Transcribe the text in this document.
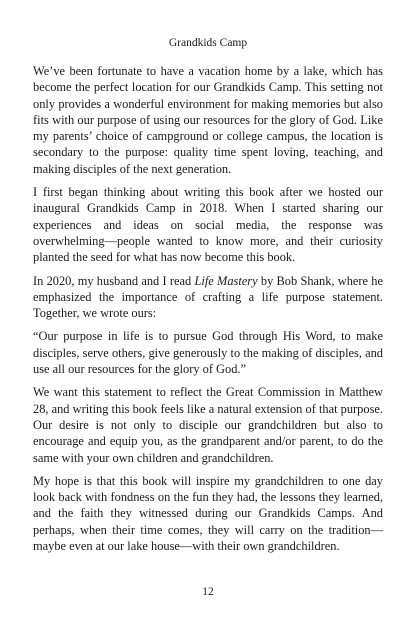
Grandkids Camp

We’ve been fortunate to have a vacation home by a lake, which has become the perfect location for our Grandkids Camp. This setting not only provides a wonderful environment for making memories but also fits with our purpose of using our resources for the glory of God. Like my parents’ choice of campground or college campus, the location is secondary to the purpose: quality time spent loving, teaching, and making disciples of the next generation.

I first began thinking about writing this book after we hosted our inaugural Grandkids Camp in 2018. When I started sharing our experiences and ideas on social media, the response was overwhelming—people wanted to know more, and their curiosity planted the seed for what has now become this book.

In 2020, my husband and I read Life Mastery by Bob Shank, where he emphasized the importance of crafting a life purpose statement. Together, we wrote ours:

“Our purpose in life is to pursue God through His Word, to make disciples, serve others, give generously to the making of disciples, and use all our resources for the glory of God.”

We want this statement to reflect the Great Commission in Matthew 28, and writing this book feels like a natural extension of that purpose. Our desire is not only to disciple our grandchildren but also to encourage and equip you, as the grandparent and/or parent, to do the same with your own children and grandchildren.

My hope is that this book will inspire my grandchildren to one day look back with fondness on the fun they had, the lessons they learned, and the faith they witnessed during our Grandkids Camps. And perhaps, when their time comes, they will carry on the tradition—maybe even at our lake house—with their own grandchildren.

12
